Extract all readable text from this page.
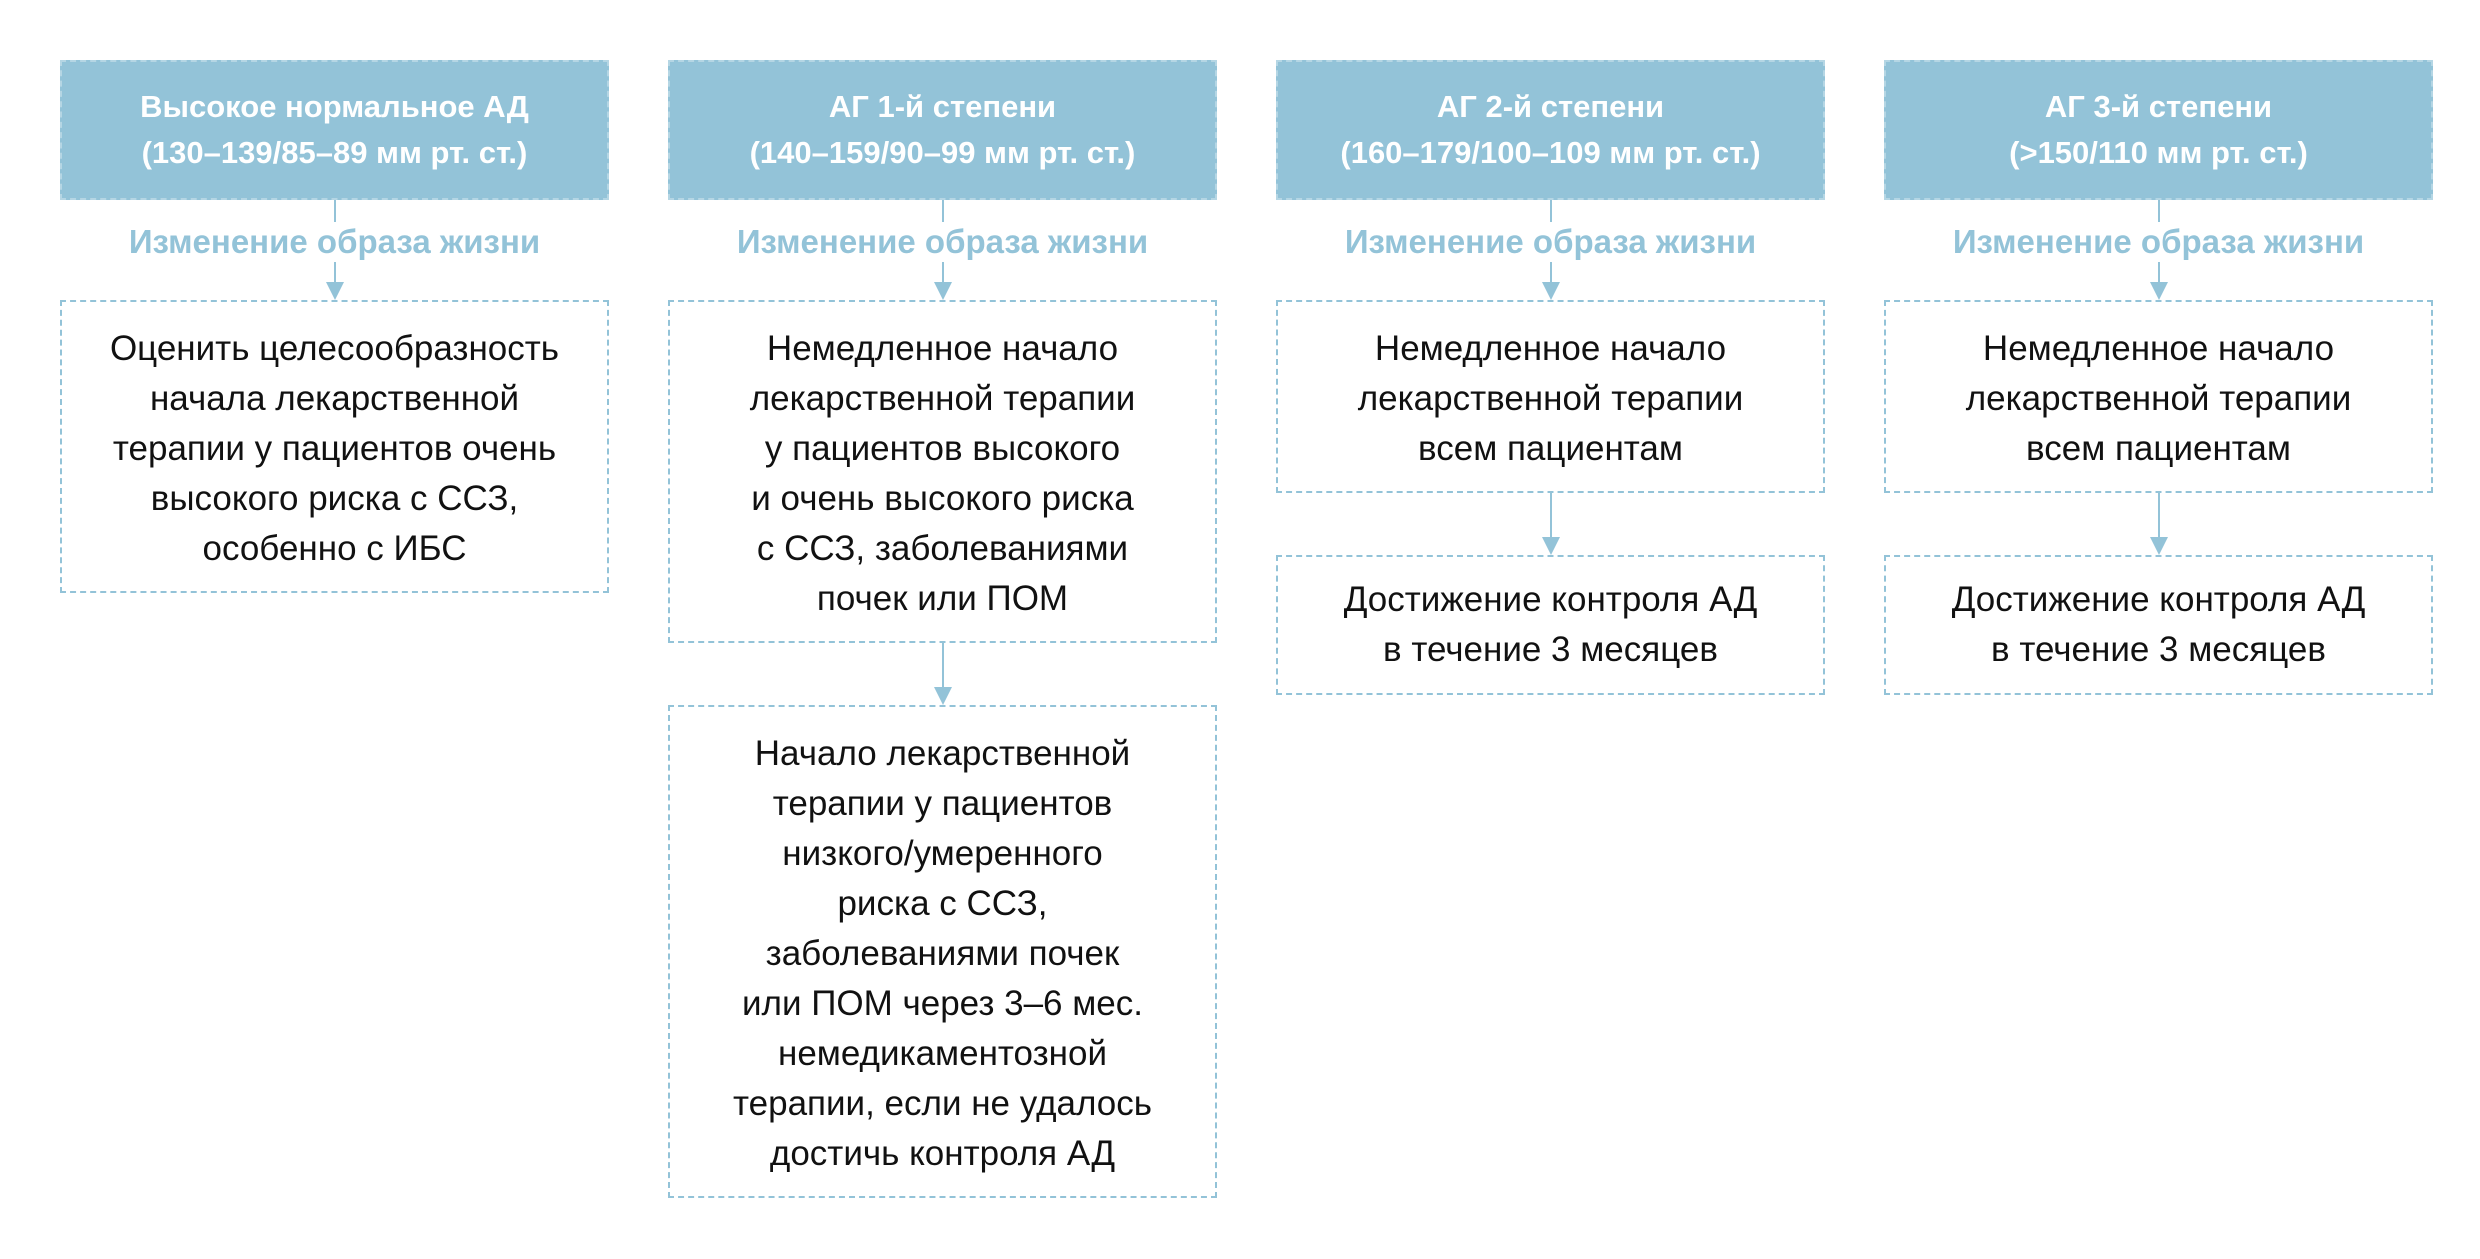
Высокое нормальное АД
(130–139/85–89 мм рт. ст.)
Изменение образа жизни
Оценить целесообразность
начала лекарственной
терапии у пациентов очень
высокого риска с ССЗ,
особенно с ИБС
АГ 1-й степени
(140–159/90–99 мм рт. ст.)
Изменение образа жизни
Немедленное начало
лекарственной терапии
у пациентов высокого
и очень высокого риска
с ССЗ, заболеваниями
почек или ПОМ
Начало лекарственной
терапии у пациентов
низкого/умеренного
риска с ССЗ,
заболеваниями почек
или ПОМ через 3–6 мес.
немедикаментозной
терапии, если не удалось
достичь контроля АД
АГ 2-й степени
(160–179/100–109 мм рт. ст.)
Изменение образа жизни
Немедленное начало
лекарственной терапии
всем пациентам
Достижение контроля АД
в течение 3 месяцев
АГ 3-й степени
(>150/110 мм рт. ст.)
Изменение образа жизни
Немедленное начало
лекарственной терапии
всем пациентам
Достижение контроля АД
в течение 3 месяцев
